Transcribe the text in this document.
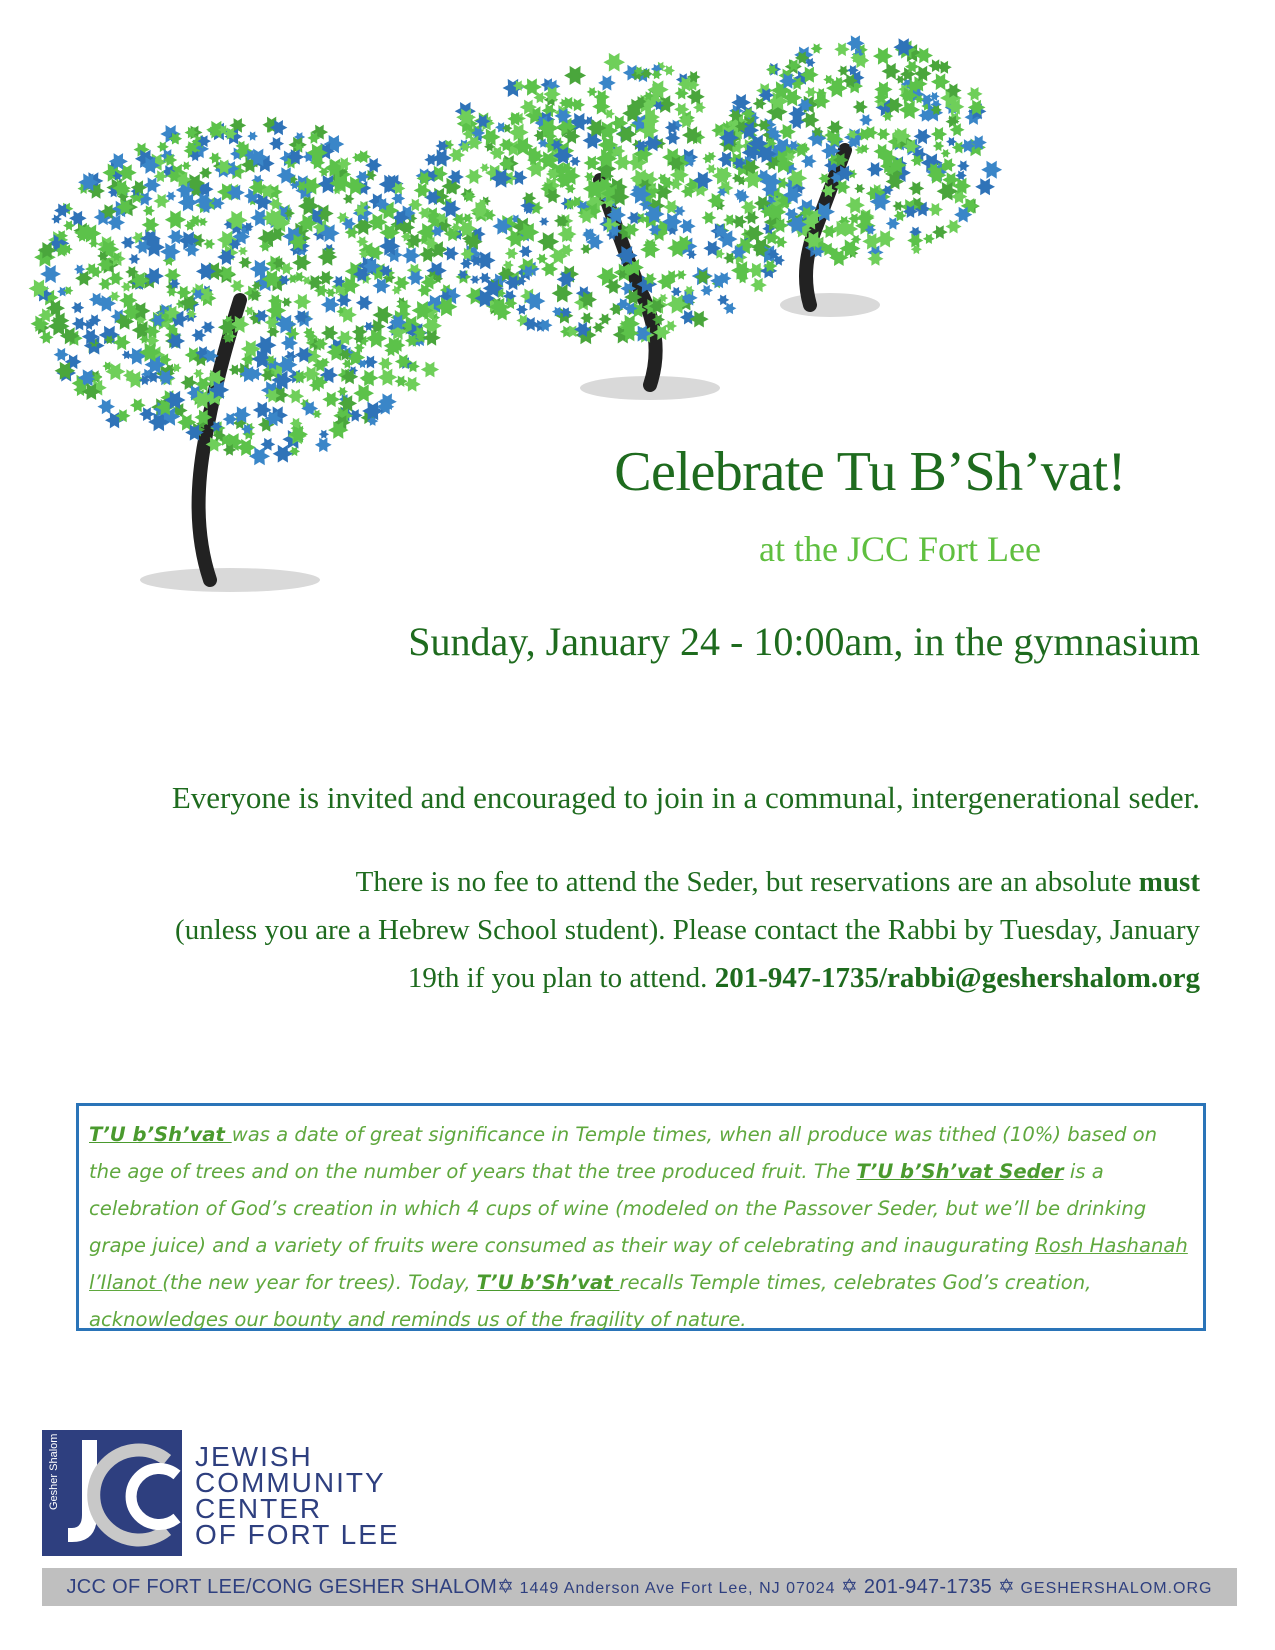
Celebrate Tu B’Sh’vat!
at the JCC Fort Lee
Sunday, January 24 - 10:00am, in the gymnasium
Everyone is invited and encouraged to join in a communal, intergenerational seder.
There is no fee to attend the Seder, but reservations are an absolute must
(unless you are a Hebrew School student). Please contact the Rabbi by Tuesday, January
19th if you plan to attend. 201-947-1735/rabbi@geshershalom.org
T’U b’Sh’vat was a date of great significance in Temple times, when all produce was tithed (10%) based on the age of trees and on the number of years that the tree produced fruit. The T’U b’Sh’vat Seder is a celebration of God’s creation in which 4 cups of wine (modeled on the Passover Seder, but we’ll be drinking grape juice) and a variety of fruits were consumed as their way of celebrating and inaugurating Rosh Hashanah l’Ilanot (the new year for trees). Today, T’U b’Sh’vat recalls Temple times, celebrates God’s creation, acknowledges our bounty and reminds us of the fragility of nature.
Gesher Shalom	JEWISH
COMMUNITY
CENTER
OF FORT LEE
JCC OF FORT LEE/CONG GESHER SHALOM✡ 1449 Anderson Ave Fort Lee, NJ 07024 ✡ 201-947-1735 ✡ GESHERSHALOM.ORG
